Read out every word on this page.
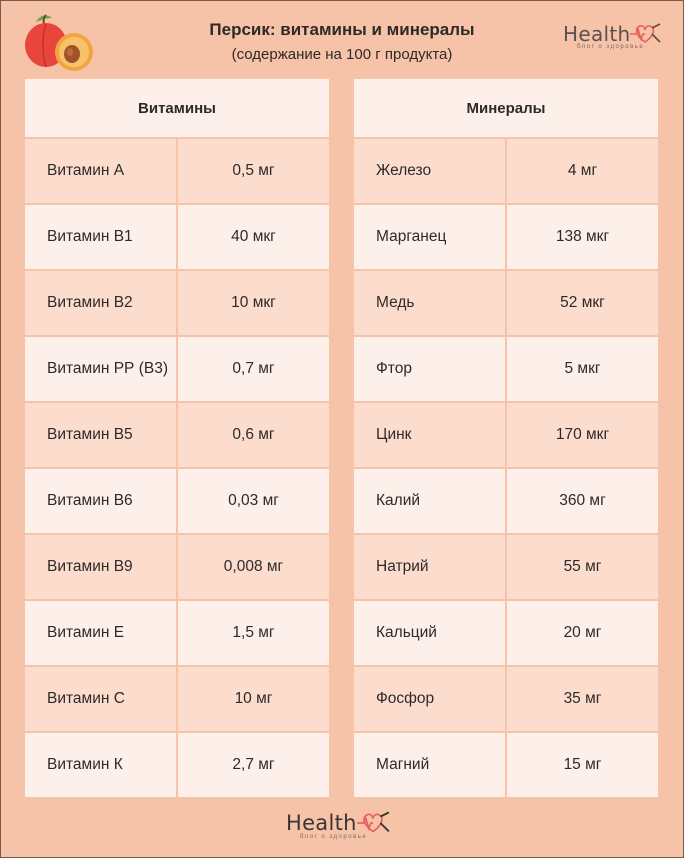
Персик: витамины и минералы
(содержание на 100 г продукта)
Health
блог о здоровье
Витамины	
Витамин А	0,5 мг
Витамин В1	40 мкг
Витамин В2	10 мкг
Витамин РР (В3)	0,7 мг
Витамин В5	0,6 мг
Витамин В6	0,03 мг
Витамин В9	0,008 мг
Витамин Е	1,5 мг
Витамин С	10 мг
Витамин К	2,7 мг
Минералы	
Железо	4 мг
Марганец	138 мкг
Медь	52 мкг
Фтор	5 мкг
Цинк	170 мкг
Калий	360 мг
Натрий	55 мг
Кальций	20 мг
Фосфор	35 мг
Магний	15 мг
Health
блог о здоровье
